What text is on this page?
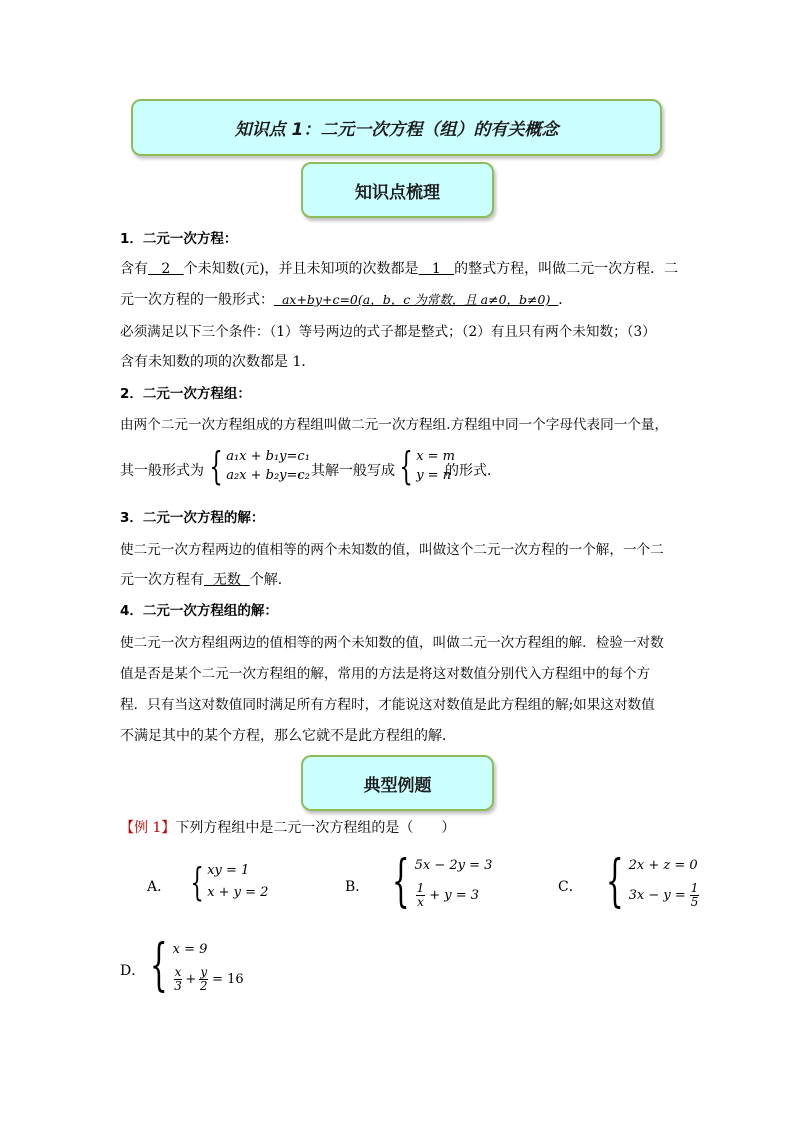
知识点 1：二元一次方程（组）的有关概念
知识点梳理
1．二元一次方程：
含有   2   个未知数(元)，并且未知项的次数都是   1   的整式方程，叫做二元一次方程．二
元一次方程的一般形式：  ax+by+c=0(a，b，c 为常数，且 a≠0，b≠0)  ．
必须满足以下三个条件：（1）等号两边的式子都是整式；（2）有且只有两个未知数；（3）
含有未知数的项的次数都是 1．
2．二元一次方程组：
由两个二元一次方程组成的方程组叫做二元一次方程组.方程组中同一个字母代表同一个量，
其一般形式为 { a₁x + b₁y=c₁
a₂x + b₂y=c₂
，其解一般写成 { x = m
y = n
的形式．
3．二元一次方程的解：
使二元一次方程两边的值相等的两个未知数的值，叫做这个二元一次方程的一个解，一个二
元一次方程有  无数  个解．
4．二元一次方程组的解：
使二元一次方程组两边的值相等的两个未知数的值，叫做二元一次方程组的解．检验一对数
值是否是某个二元一次方程组的解，常用的方法是将这对数值分别代入方程组中的每个方
程．只有当这对数值同时满足所有方程时，才能说这对数值是此方程组的解;如果这对数值
不满足其中的某个方程，那么它就不是此方程组的解．
典型例题
【例 1】下列方程组中是二元一次方程组的是（　　）
A． { xy = 1
x + y = 2	B． { 5x − 2y = 3
$\frac{1}{x} + y = 3$	C． { 2x + z = 0
$3x - y = \frac{1}{5}$
D． { x = 9
$\frac{x}{3} + \frac{y}{2} = 16$
